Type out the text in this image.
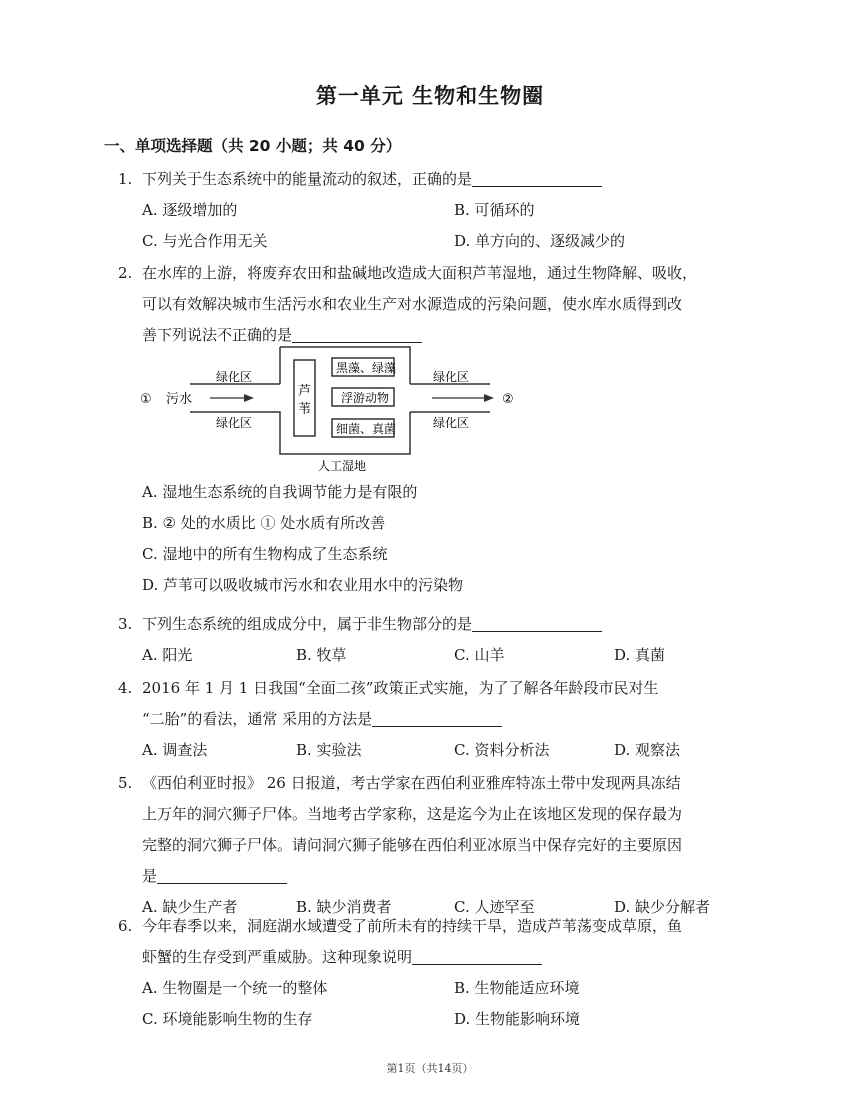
第一单元 生物和生物圈
一、单项选择题（共 20 小题；共 40 分）
1. 下列关于生态系统中的能量流动的叙述，正确的是
A. 逐级增加的	B. 可循环的
C. 与光合作用无关	D. 单方向的、逐级减少的
2. 在水库的上游，将废弃农田和盐碱地改造成大面积芦苇湿地，通过生物降解、吸收，
可以有效解决城市生活污水和农业生产对水源造成的污染问题，使水库水质得到改
善下列说法不正确的是
① 污水
绿化区
绿化区
绿化区
绿化区
芦
苇
黑藻、绿藻
浮游动物
细菌、真菌
②
人工湿地
A. 湿地生态系统的自我调节能力是有限的
B. ② 处的水质比 ① 处水质有所改善
C. 湿地中的所有生物构成了生态系统
D. 芦苇可以吸收城市污水和农业用水中的污染物
3. 下列生态系统的组成成分中，属于非生物部分的是
A. 阳光	B. 牧草	C. 山羊	D. 真菌
4. 2016 年 1 月 1 日我国“全面二孩”政策正式实施，为了了解各年龄段市民对生
“二胎”的看法，通常 采用的方法是
A. 调查法	B. 实验法	C. 资料分析法	D. 观察法
5. 《西伯利亚时报》 26 日报道，考古学家在西伯利亚雅库特冻土带中发现两具冻结
上万年的洞穴狮子尸体。当地考古学家称，这是迄今为止在该地区发现的保存最为
完整的洞穴狮子尸体。请问洞穴狮子能够在西伯利亚冰原当中保存完好的主要原因
是
A. 缺少生产者	B. 缺少消费者	C. 人迹罕至	D. 缺少分解者
6. 今年春季以来，洞庭湖水域遭受了前所未有的持续干旱，造成芦苇荡变成草原，鱼
虾蟹的生存受到严重威胁。这种现象说明
A. 生物圈是一个统一的整体	B. 生物能适应环境
C. 环境能影响生物的生存	D. 生物能影响环境
第1页（共14页）
